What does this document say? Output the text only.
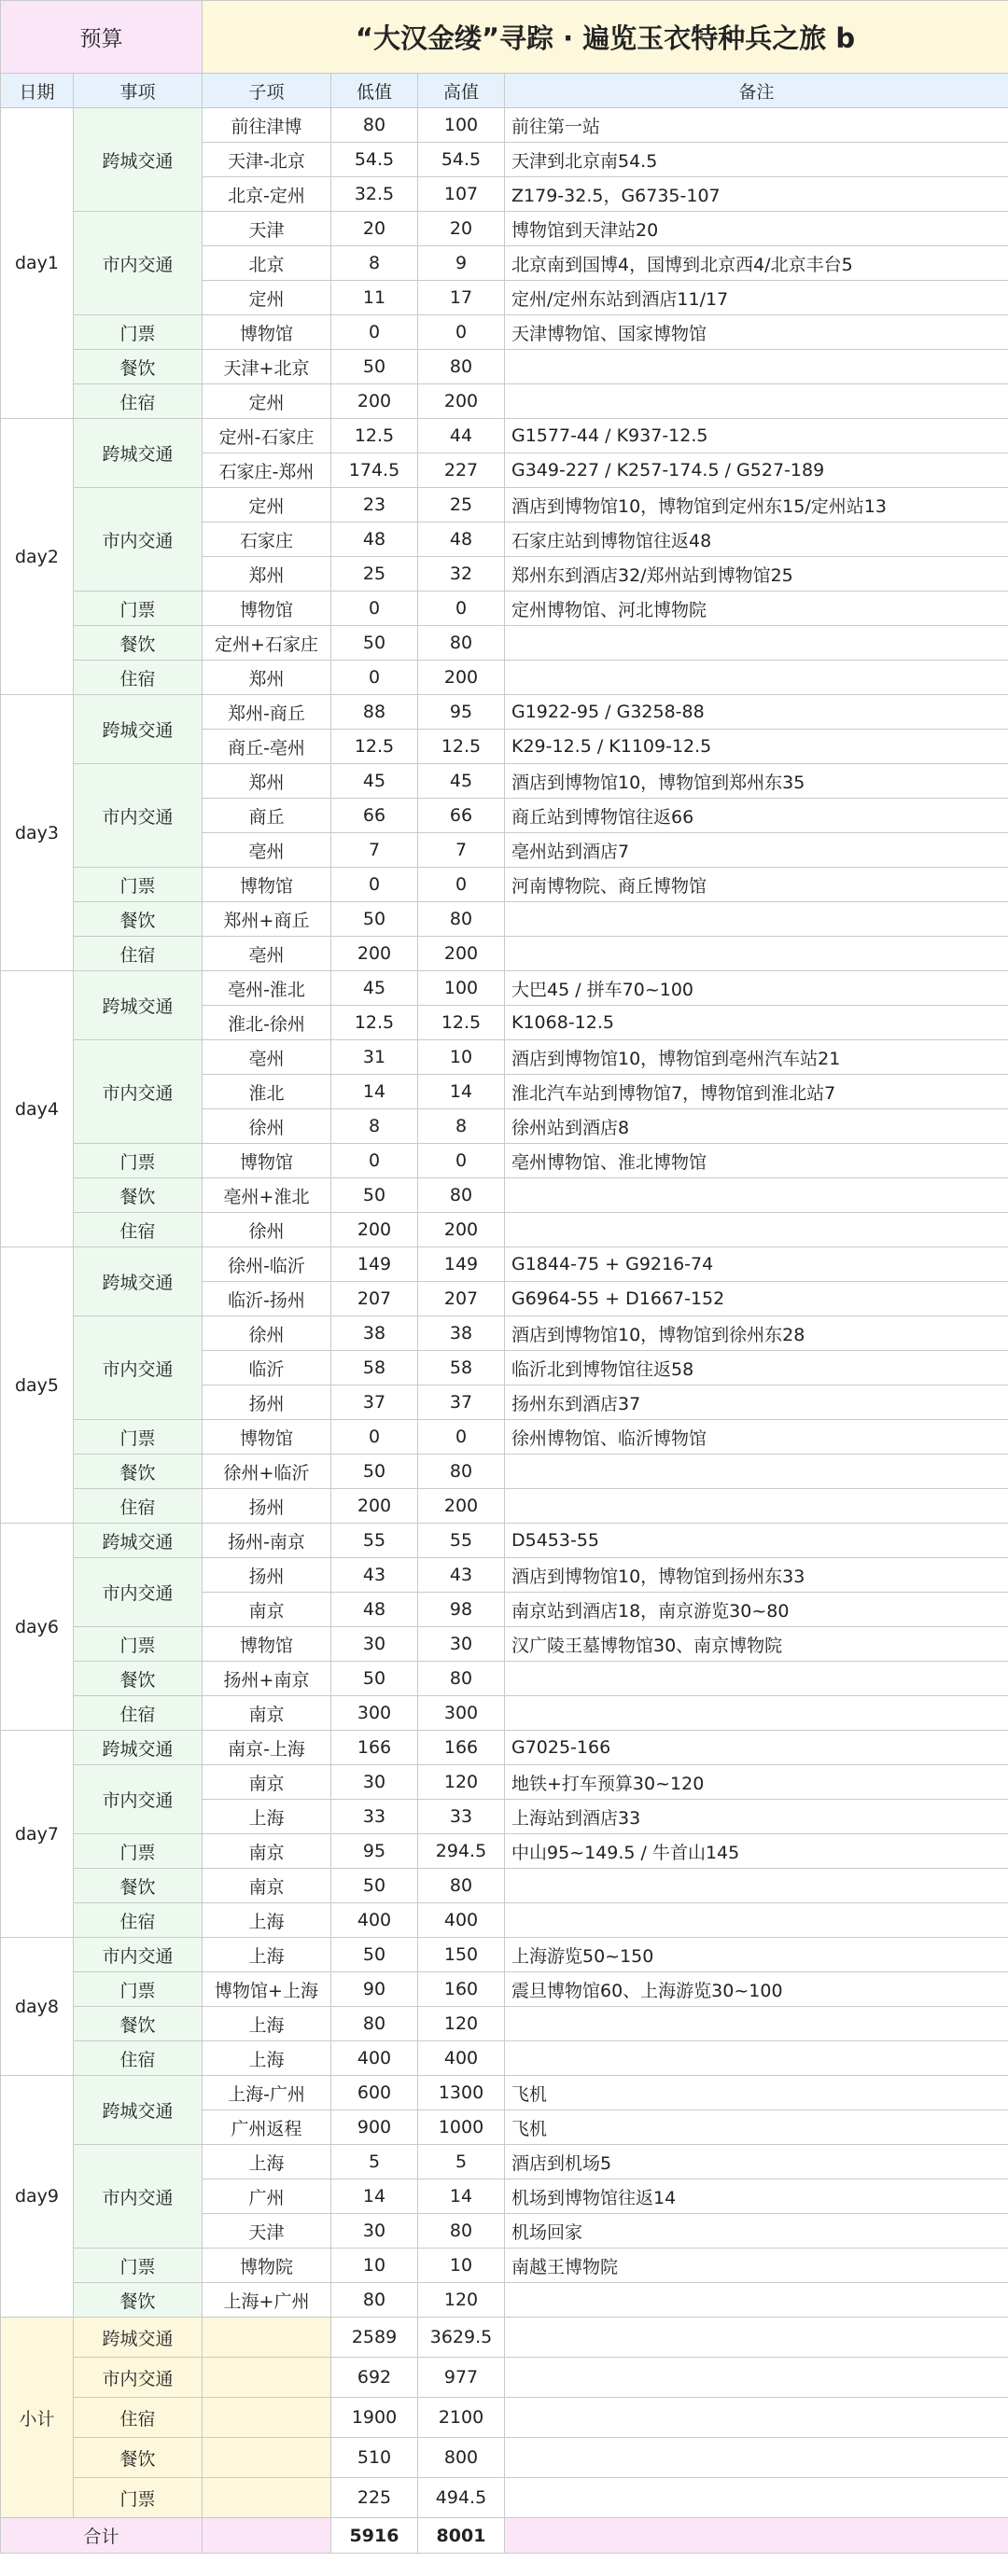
预算		“大汉金缕”寻踪 · 遍览玉衣特种兵之旅 b			
日期	事项	子项	低值	高值	备注
day1	跨城交通	前往津博	80	100	前往第一站
		天津-北京	54.5	54.5	天津到北京南54.5
		北京-定州	32.5	107	Z179-32.5，G6735-107
	市内交通	天津	20	20	博物馆到天津站20
		北京	8	9	北京南到国博4，国博到北京西4/北京丰台5
		定州	11	17	定州/定州东站到酒店11/17
	门票	博物馆	0	0	天津博物馆、国家博物馆
	餐饮	天津+北京	50	80	
	住宿	定州	200	200	
day2	跨城交通	定州-石家庄	12.5	44	G1577-44 / K937-12.5
		石家庄-郑州	174.5	227	G349-227 / K257-174.5 / G527-189
	市内交通	定州	23	25	酒店到博物馆10，博物馆到定州东15/定州站13
		石家庄	48	48	石家庄站到博物馆往返48
		郑州	25	32	郑州东到酒店32/郑州站到博物馆25
	门票	博物馆	0	0	定州博物馆、河北博物院
	餐饮	定州+石家庄	50	80	
	住宿	郑州	0	200	
day3	跨城交通	郑州-商丘	88	95	G1922-95 / G3258-88
		商丘-亳州	12.5	12.5	K29-12.5 / K1109-12.5
	市内交通	郑州	45	45	酒店到博物馆10，博物馆到郑州东35
		商丘	66	66	商丘站到博物馆往返66
		亳州	7	7	亳州站到酒店7
	门票	博物馆	0	0	河南博物院、商丘博物馆
	餐饮	郑州+商丘	50	80	
	住宿	亳州	200	200	
day4	跨城交通	亳州-淮北	45	100	大巴45 / 拼车70~100
		淮北-徐州	12.5	12.5	K1068-12.5
	市内交通	亳州	31	10	酒店到博物馆10，博物馆到亳州汽车站21
		淮北	14	14	淮北汽车站到博物馆7，博物馆到淮北站7
		徐州	8	8	徐州站到酒店8
	门票	博物馆	0	0	亳州博物馆、淮北博物馆
	餐饮	亳州+淮北	50	80	
	住宿	徐州	200	200	
day5	跨城交通	徐州-临沂	149	149	G1844-75 + G9216-74
		临沂-扬州	207	207	G6964-55 + D1667-152
	市内交通	徐州	38	38	酒店到博物馆10，博物馆到徐州东28
		临沂	58	58	临沂北到博物馆往返58
		扬州	37	37	扬州东到酒店37
	门票	博物馆	0	0	徐州博物馆、临沂博物馆
	餐饮	徐州+临沂	50	80	
	住宿	扬州	200	200	
day6	跨城交通	扬州-南京	55	55	D5453-55
	市内交通	扬州	43	43	酒店到博物馆10，博物馆到扬州东33
		南京	48	98	南京站到酒店18，南京游览30~80
	门票	博物馆	30	30	汉广陵王墓博物馆30、南京博物院
	餐饮	扬州+南京	50	80	
	住宿	南京	300	300	
day7	跨城交通	南京-上海	166	166	G7025-166
	市内交通	南京	30	120	地铁+打车预算30~120
		上海	33	33	上海站到酒店33
	门票	南京	95	294.5	中山95~149.5 / 牛首山145
	餐饮	南京	50	80	
	住宿	上海	400	400	
day8	市内交通	上海	50	150	上海游览50~150
	门票	博物馆+上海	90	160	震旦博物馆60、上海游览30~100
	餐饮	上海	80	120	
	住宿	上海	400	400	
day9	跨城交通	上海-广州	600	1300	飞机
		广州返程	900	1000	飞机
	市内交通	上海	5	5	酒店到机场5
		广州	14	14	机场到博物馆往返14
		天津	30	80	机场回家
	门票	博物院	10	10	南越王博物院
	餐饮	上海+广州	80	120	
小计	跨城交通		2589	3629.5	
	市内交通		692	977	
	住宿		1900	2100	
	餐饮		510	800	
	门票		225	494.5	
合计			5916	8001	
